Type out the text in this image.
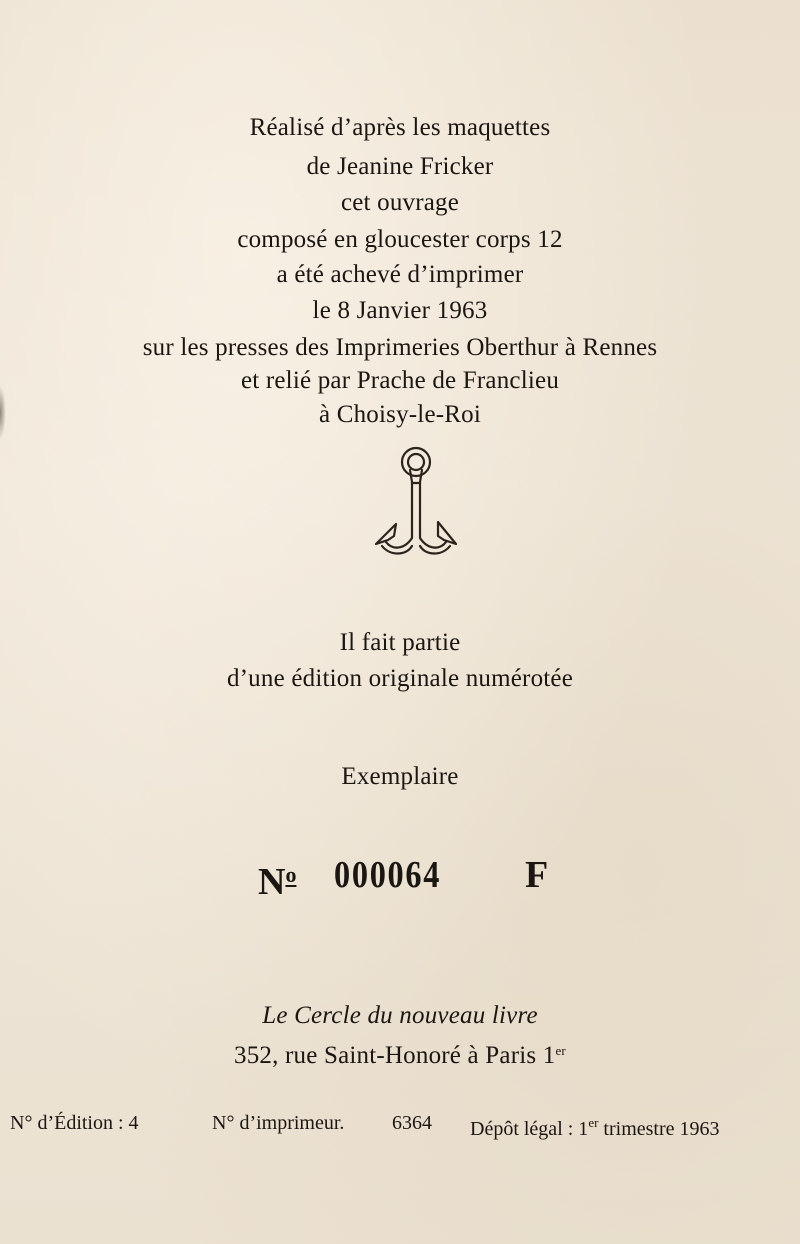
Réalisé d’après les maquettes
de Jeanine Fricker
cet ouvrage
composé en gloucester corps 12
a été achevé d’imprimer
le 8 Janvier 1963
sur les presses des Imprimeries Oberthur à Rennes
et relié par Prache de Franclieu
à Choisy-le-Roi
Il fait partie
d’une édition originale numérotée
Exemplaire
$N^o$ 000064 F
Le Cercle du nouveau livre
352, rue Saint-Honoré à Paris 1er
N° d’Édition : 4	N° d’imprimeur. 6364 Dépôt légal : 1er trimestre 1963
